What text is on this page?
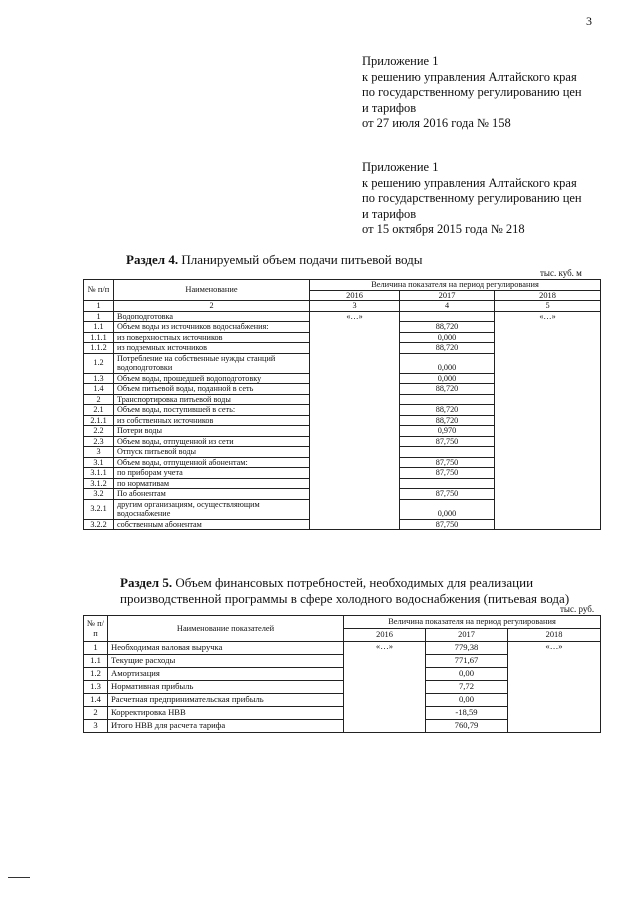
3
Приложение 1
к решению управления Алтайского края
по государственному регулированию цен
и тарифов
от 27 июля 2016 года № 158
Приложение 1
к решению управления Алтайского края
по государственному регулированию цен
и тарифов
от 15 октября 2015 года № 218
Раздел 4. Планируемый объем подачи питьевой воды
тыс. куб. м
№ п/п	Наименование	Величина показателя на период регулирования		
		2016	2017	2018
1	2	3	4	5
1	Водоподготовка	«…»		«…»
1.1	Объем воды из источников водоснабжения:		88,720	
1.1.1	из поверхностных источников		0,000	
1.1.2	из подземных источников		88,720	
1.2	Потребление на собственные нужды станций водоподготовки		0,000	
1.3	Объем воды, прошедшей водоподготовку		0,000	
1.4	Объем питьевой воды, поданной в сеть		88,720	
2	Транспортировка питьевой воды			
2.1	Объем воды, поступившей в сеть:		88,720	
2.1.1	из собственных источников		88,720	
2.2	Потери воды		0,970	
2.3	Объем воды, отпущенной из сети		87,750	
3	Отпуск питьевой воды			
3.1	Объем воды, отпущенной абонентам:		87,750	
3.1.1	по приборам учета		87,750	
3.1.2	по нормативам			
3.2	По абонентам		87,750	
3.2.1	другим организациям, осуществляющим водоснабжение		0,000	
3.2.2	собственным абонентам		87,750	
Раздел 5. Объем финансовых потребностей, необходимых для реализации производственной программы в сфере холодного водоснабжения (питьевая вода)
тыс. руб.
№ п/п	Наименование показателей	Величина показателя на период регулирования		
		2016	2017	2018
1	Необходимая валовая выручка	«…»	779,38	«…»
1.1	Текущие расходы		771,67	
1.2	Амортизация		0,00	
1.3	Нормативная прибыль		7,72	
1.4	Расчетная предпринимательская прибыль		0,00	
2	Корректировка НВВ		-18,59	
3	Итого НВВ для расчета тарифа		760,79	
